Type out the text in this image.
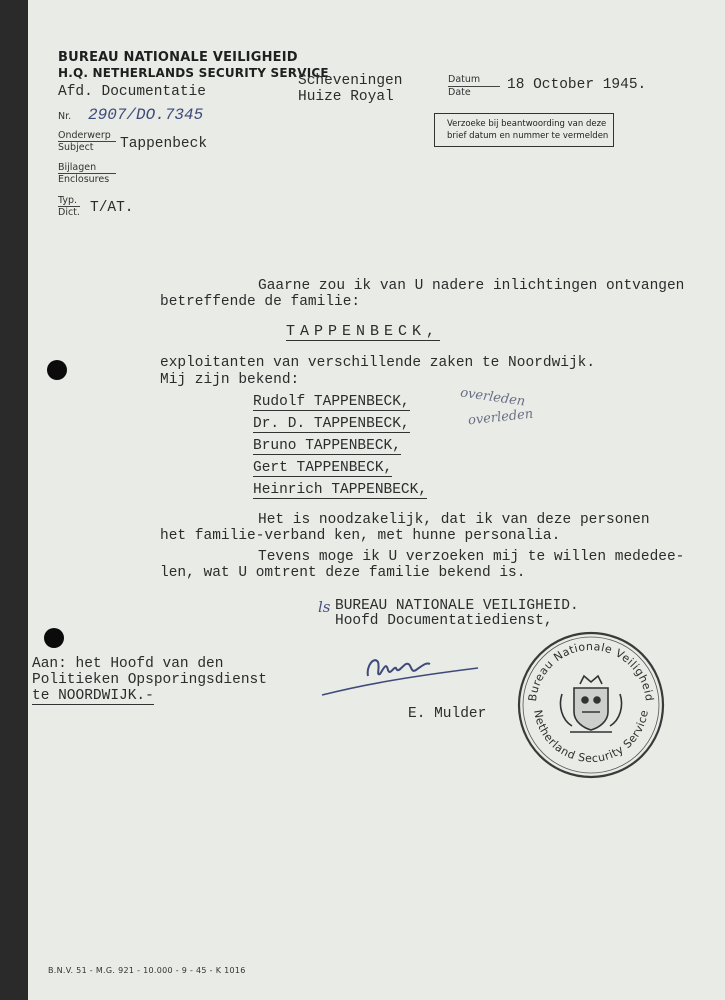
BUREAU NATIONALE VEILIGHEID
H.Q. NETHERLANDS SECURITY SERVICE
Afd. Documentatie
Scheveningen
Huize Royal
Datum
Date	18 October 1945.
Verzoeke bij beantwoording van deze
brief datum en nummer te vermelden
Nr. 2907/DO.7345
Onderwerp
Subject Tappenbeck
Bijlagen
Enclosures
Typ.
Dict. T/AT.
Gaarne zou ik van U nadere inlichtingen ontvangen
betreffende de familie:
TAPPENBECK,
exploitanten van verschillende zaken te Noordwijk.
Mij zijn bekend:
Rudolf TAPPENBECK,
Dr. D. TAPPENBECK,
Bruno TAPPENBECK,
Gert TAPPENBECK,
Heinrich TAPPENBECK,
overleden
overleden
Het is noodzakelijk, dat ik van deze personen
het familie-verband ken, met hunne personalia.
Tevens moge ik U verzoeken mij te willen mededee-
len, wat U omtrent deze familie bekend is.
ls BUREAU NATIONALE VEILIGHEID.
Hoofd Documentatiedienst,
E. Mulder
Aan: het Hoofd van den
Politieken Opsporingsdienst
te NOORDWIJK.-	Bureau Nationale Veiligheid
Netherland Security Service
B.N.V. 51 - M.G. 921 - 10.000 - 9 - 45 - K 1016
